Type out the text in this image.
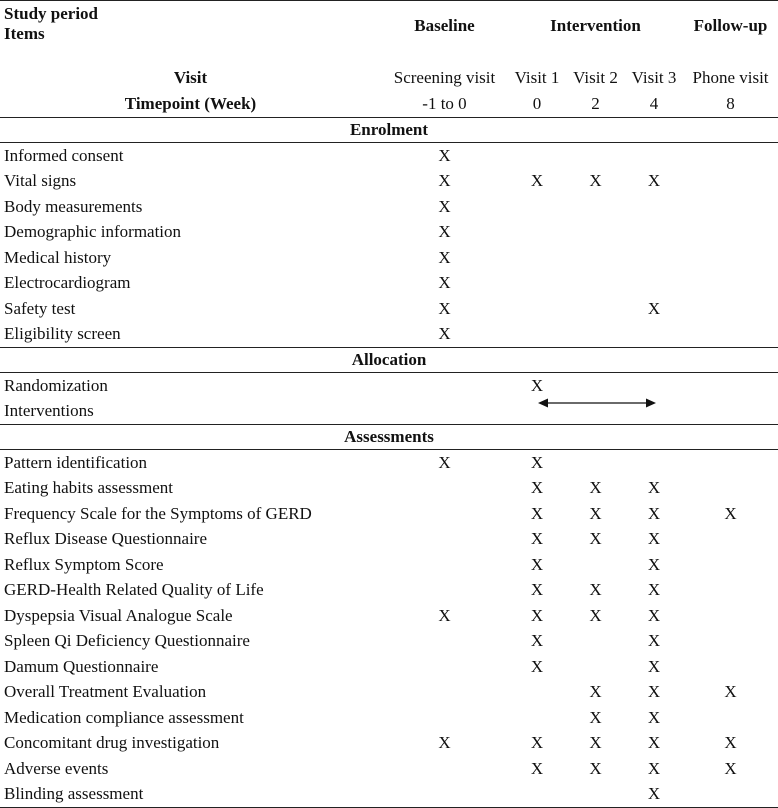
Study period
Items	Baseline	Intervention			Follow-up
Visit	Screening visit	Visit 1	Visit 2	Visit 3	Phone visit
Timepoint (Week)	-1 to 0	0	2	4	8
Enrolment					
Informed consent	X				
Vital signs	X	X	X	X	
Body measurements	X				
Demographic information	X				
Medical history	X				
Electrocardiogram	X				
Safety test	X			X	
Eligibility screen	X				
Allocation					
Randomization		X			
Interventions					
Assessments					
Pattern identification	X	X			
Eating habits assessment		X	X	X	
Frequency Scale for the Symptoms of GERD		X	X	X	X
Reflux Disease Questionnaire		X	X	X	
Reflux Symptom Score		X		X	
GERD-Health Related Quality of Life		X	X	X	
Dyspepsia Visual Analogue Scale	X	X	X	X	
Spleen Qi Deficiency Questionnaire		X		X	
Damum Questionnaire		X		X	
Overall Treatment Evaluation			X	X	X
Medication compliance assessment			X	X	
Concomitant drug investigation	X	X	X	X	X
Adverse events		X	X	X	X
Blinding assessment				X	
